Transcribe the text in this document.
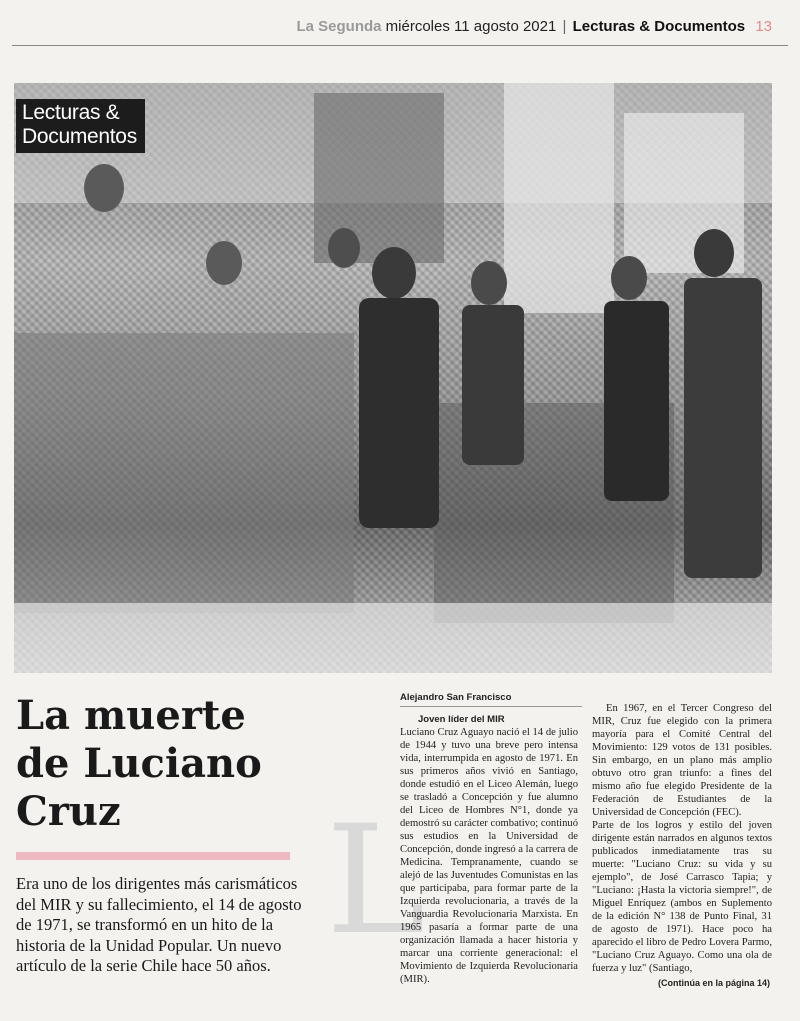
La Segunda miércoles 11 agosto 2021 | Lecturas & Documentos 13
Lecturas &
Documentos
La muerte
de Luciano
Cruz
Era uno de los dirigentes más carismáticos del MIR y su fallecimiento, el 14 de agosto de 1971, se transformó en un hito de la historia de la Unidad Popular. Un nuevo artículo de la serie Chile hace 50 años. L
Alejandro San Francisco
Joven líder del MIR

Luciano Cruz Aguayo nació el 14 de julio de 1944 y tuvo una breve pero intensa vida, interrumpida en agosto de 1971. En sus primeros años vivió en Santiago, donde estudió en el Liceo Alemán, luego se trasladó a Concepción y fue alumno del Liceo de Hombres N°1, donde ya demostró su carácter combativo; continuó sus estudios en la Universidad de Concepción, donde ingresó a la carrera de Medicina. Tempranamente, cuando se alejó de las Juventudes Comunistas en las que participaba, para formar parte de la Izquierda revolucionaria, a través de la Vanguardia Revolucionaria Marxista. En 1965 pasaría a formar parte de una organización llamada a hacer historia y marcar una corriente generacional: el Movimiento de Izquierda Revolucionaria (MIR).

En 1967, en el Tercer Congreso del MIR, Cruz fue elegido con la primera mayoría para el Comité Central del Movimiento: 129 votos de 131 posibles. Sin embargo, en un plano más amplio obtuvo otro gran triunfo: a fines del mismo año fue elegido Presidente de la Federación de Estudiantes de la Universidad de Concepción (FEC).

Parte de los logros y estilo del joven dirigente están narrados en algunos textos publicados inmediatamente tras su muerte: "Luciano Cruz: su vida y su ejemplo", de José Carrasco Tapia; y "Luciano: ¡Hasta la victoria siempre!", de Miguel Enríquez (ambos en Suplemento de la edición N° 138 de Punto Final, 31 de agosto de 1971). Hace poco ha aparecido el libro de Pedro Lovera Parmo, "Luciano Cruz Aguayo. Como una ola de fuerza y luz" (Santiago,

(Continúa en la página 14)
